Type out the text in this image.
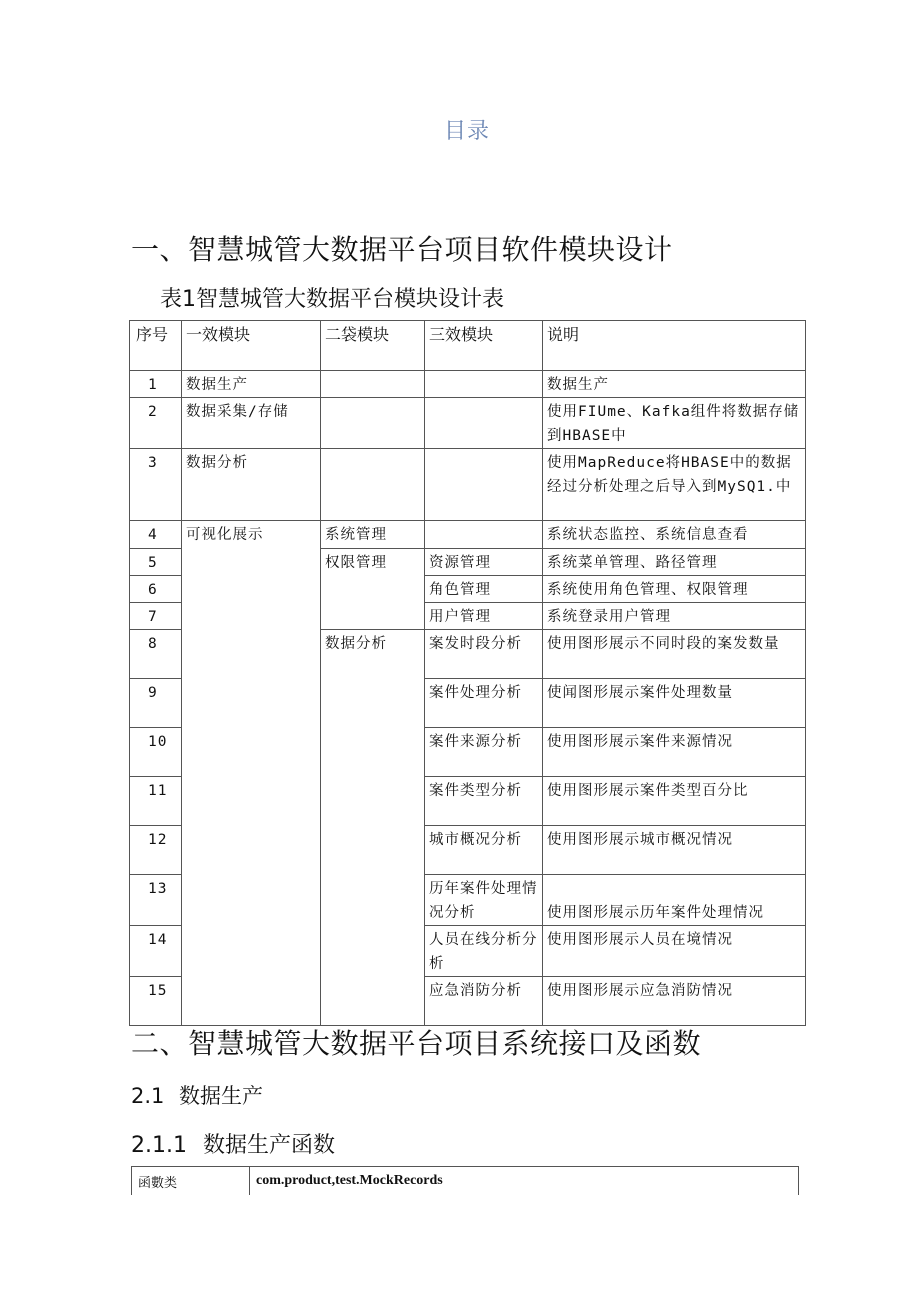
目录
一、智慧城管大数据平台项目软件模块设计
表1智慧城管大数据平台模块设计表
序号	一效模块	二袋模块	三效模块	说明
1	数据生产			数据生产
2	数据采集/存储			使用FIUme、Kafka组件将数据存储到HBASE中
3	数据分析			使用MapReduce将HBASE中的数据经过分析处理之后导入到MySQ1.中
4	可视化展示	系统管理		系统状态监控、系统信息查看
5		权限管理	资源管理	系统菜单管理、路径管理
6			角色管理	系统使用角色管理、权限管理
7			用户管理	系统登录用户管理
8		数据分析	案发时段分析	使用图形展示不同时段的案发数量
9			案件处理分析	使闻图形展示案件处理数量
10			案件来源分析	使用图形展示案件来源情况
11			案件类型分析	使用图形展示案件类型百分比
12			城市概况分析	使用图形展示城市概况情况
13			历年案件处理情况分析	使用图形展示历年案件处理情况
14			人员在线分析分析	使用图形展示人员在境情况
15			应急消防分析	使用图形展示应急消防情况
二、智慧城管大数据平台项目系统接口及函数
2.1 数据生产
2.1.1 数据生产函数
函數类	com.product,test.MockRecords
